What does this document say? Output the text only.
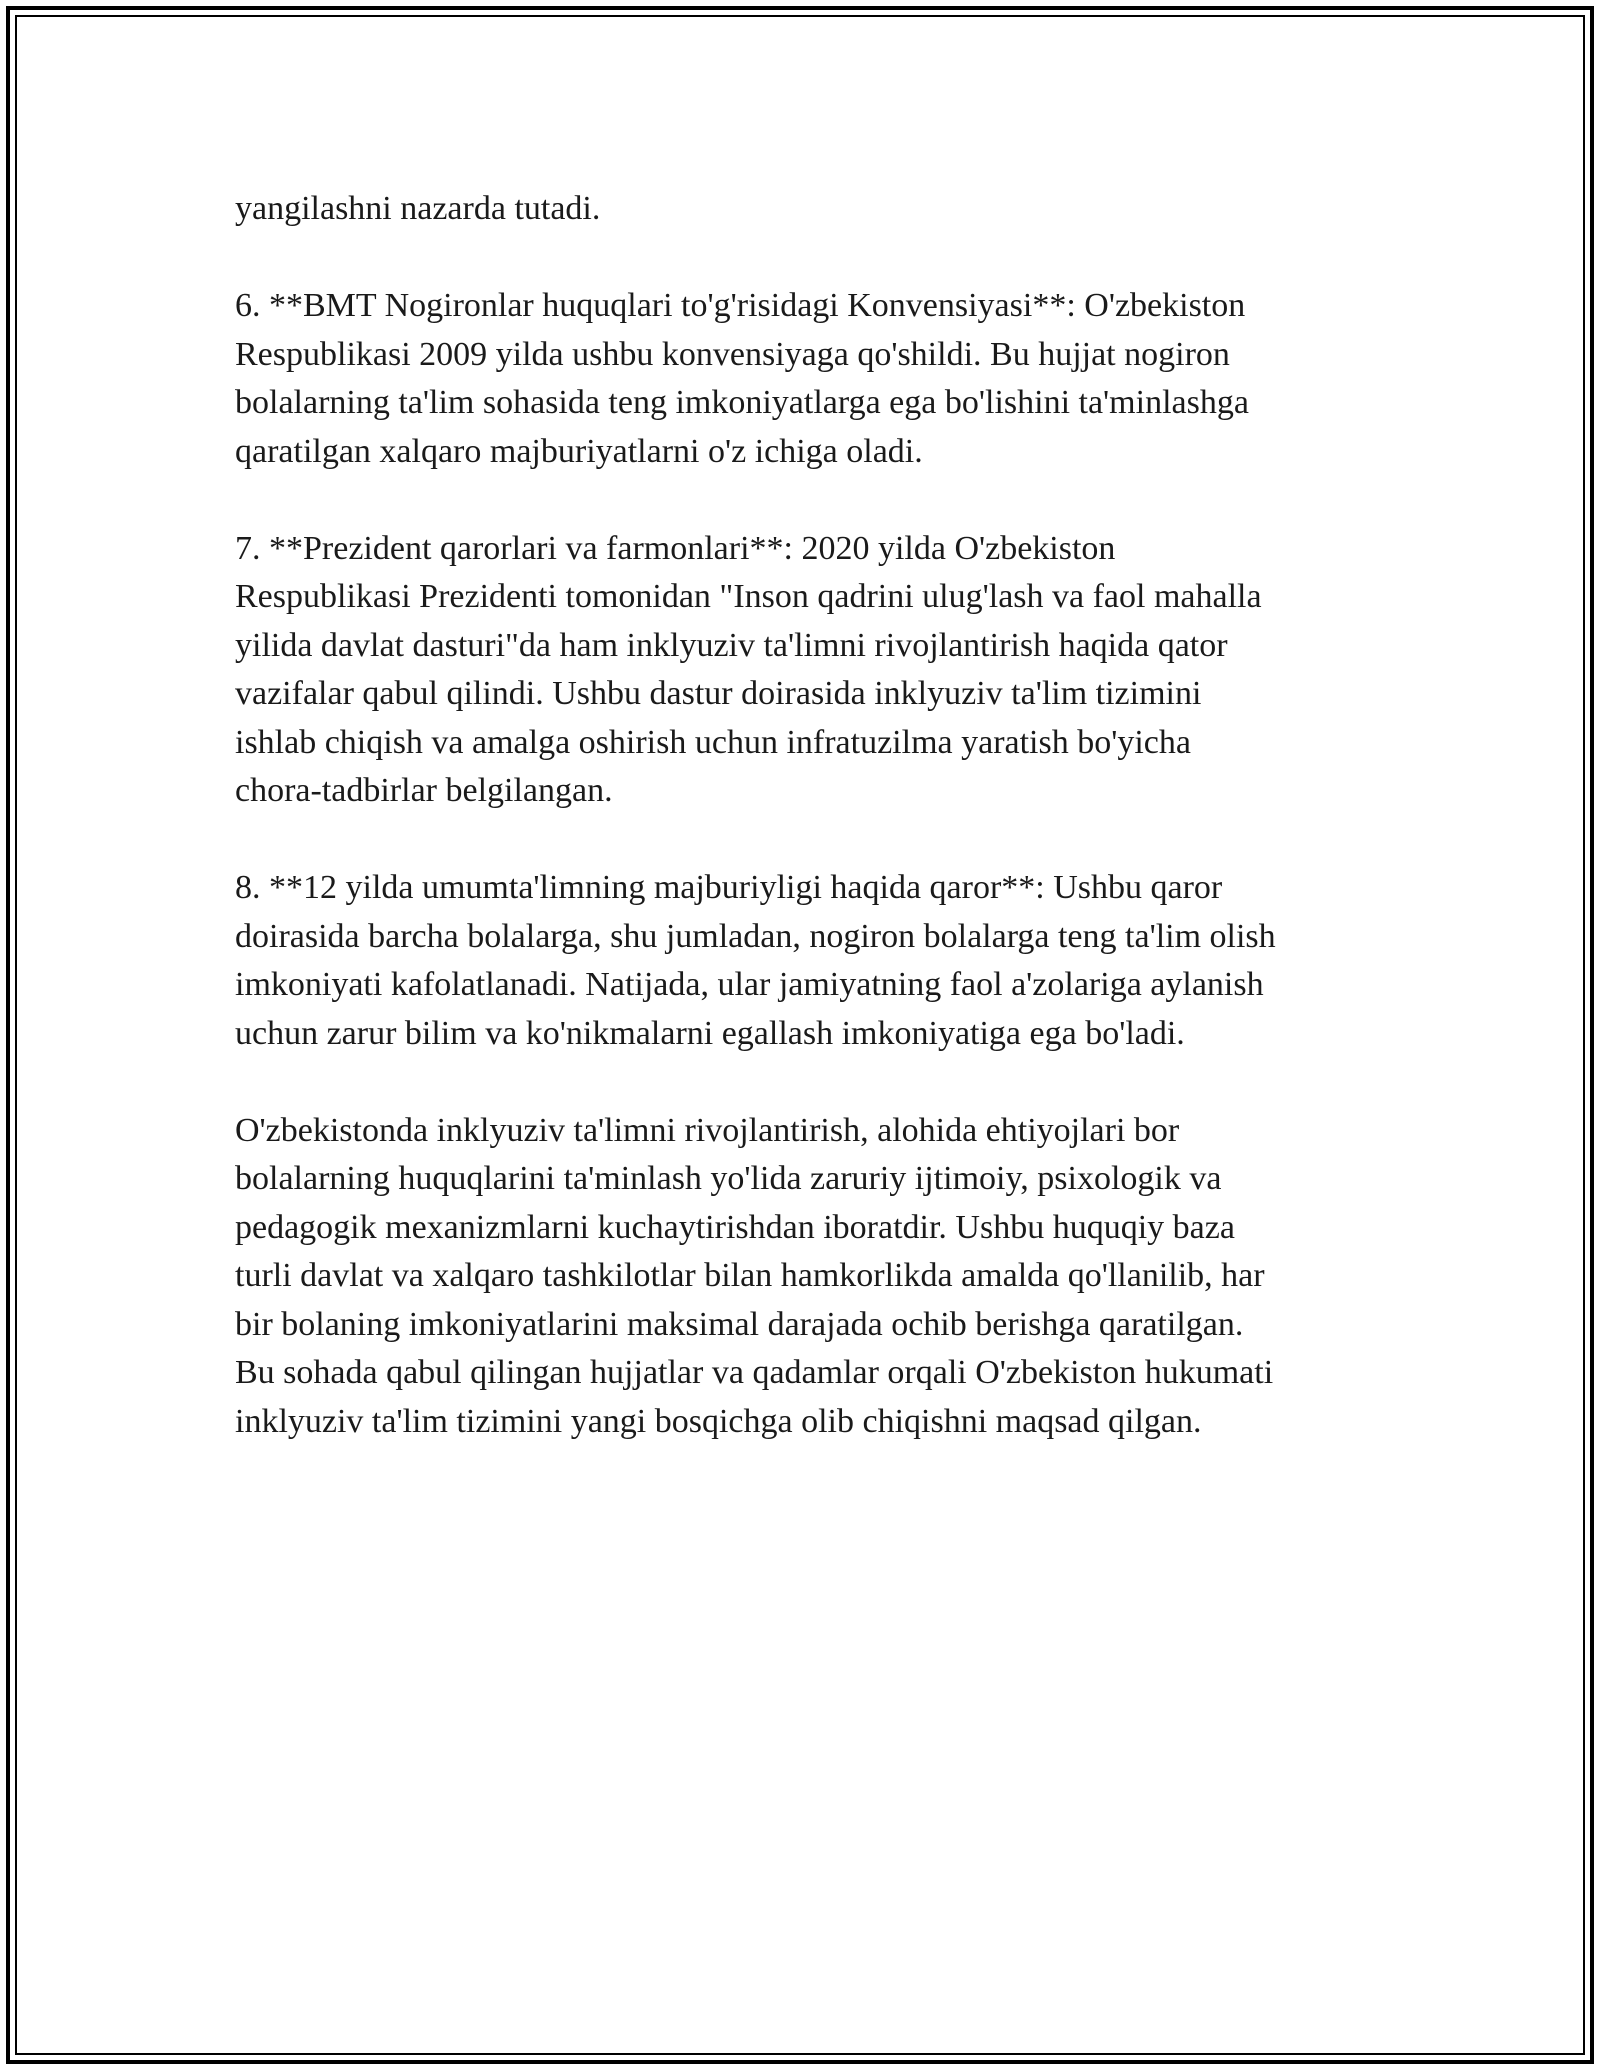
yangilashni nazarda tutadi.

6. **BMT Nogironlar huquqlari to'g'risidagi Konvensiyasi**: O'zbekiston
Respublikasi 2009 yilda ushbu konvensiyaga qo'shildi. Bu hujjat nogiron
bolalarning ta'lim sohasida teng imkoniyatlarga ega bo'lishini ta'minlashga
qaratilgan xalqaro majburiyatlarni o'z ichiga oladi.

7. **Prezident qarorlari va farmonlari**: 2020 yilda O'zbekiston
Respublikasi Prezidenti tomonidan "Inson qadrini ulug'lash va faol mahalla
yilida davlat dasturi"da ham inklyuziv ta'limni rivojlantirish haqida qator
vazifalar qabul qilindi. Ushbu dastur doirasida inklyuziv ta'lim tizimini
ishlab chiqish va amalga oshirish uchun infratuzilma yaratish bo'yicha
chora-tadbirlar belgilangan.

8. **12 yilda umumta'limning majburiyligi haqida qaror**: Ushbu qaror
doirasida barcha bolalarga, shu jumladan, nogiron bolalarga teng ta'lim olish
imkoniyati kafolatlanadi. Natijada, ular jamiyatning faol a'zolariga aylanish
uchun zarur bilim va ko'nikmalarni egallash imkoniyatiga ega bo'ladi.

O'zbekistonda inklyuziv ta'limni rivojlantirish, alohida ehtiyojlari bor
bolalarning huquqlarini ta'minlash yo'lida zaruriy ijtimoiy, psixologik va
pedagogik mexanizmlarni kuchaytirishdan iboratdir. Ushbu huquqiy baza
turli davlat va xalqaro tashkilotlar bilan hamkorlikda amalda qo'llanilib, har
bir bolaning imkoniyatlarini maksimal darajada ochib berishga qaratilgan.
Bu sohada qabul qilingan hujjatlar va qadamlar orqali O'zbekiston hukumati
inklyuziv ta'lim tizimini yangi bosqichga olib chiqishni maqsad qilgan.
